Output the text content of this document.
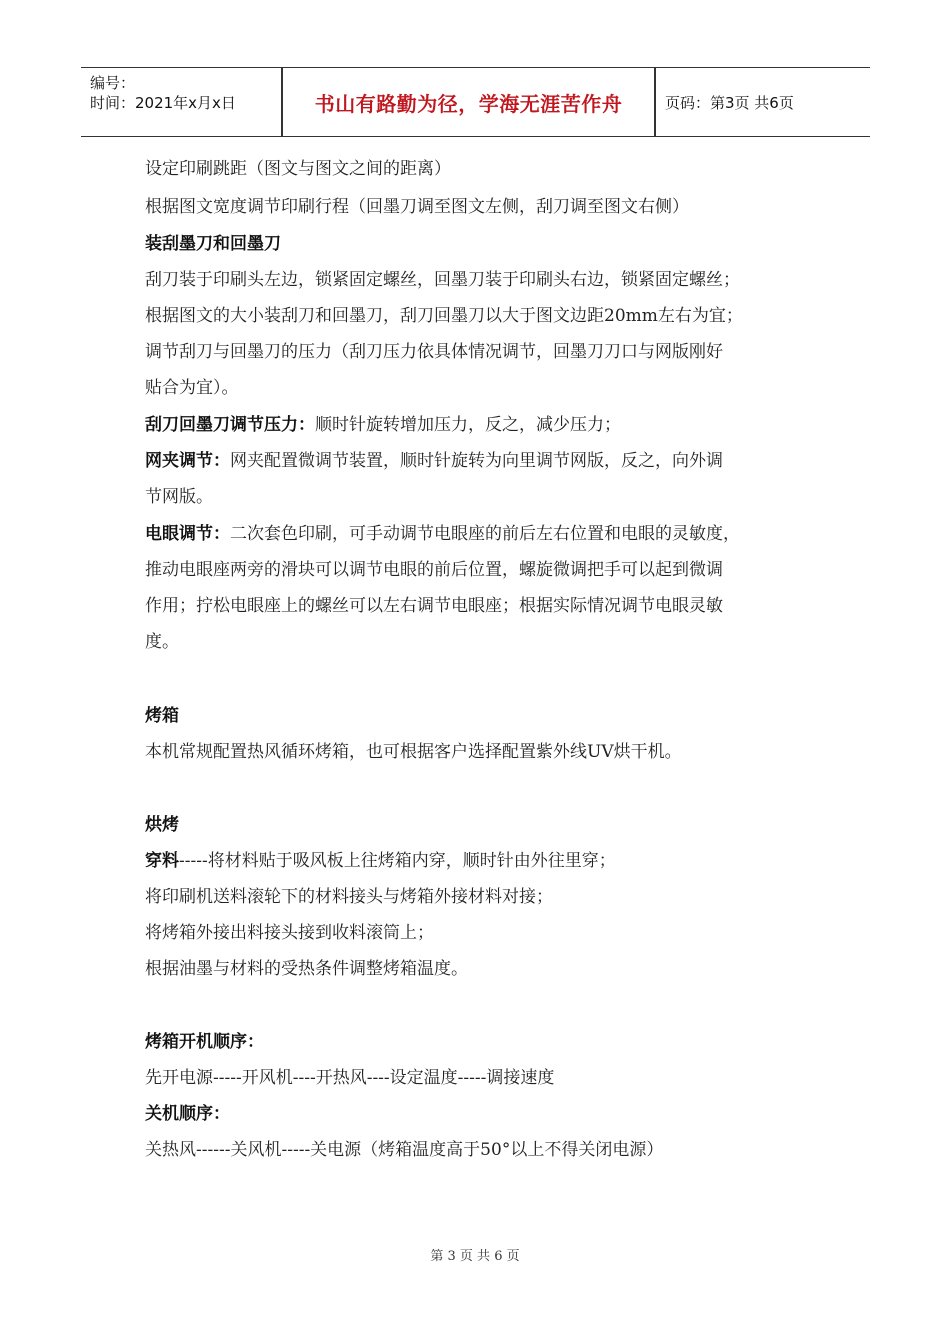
编号：
时间：2021年x月x日	书山有路勤为径，学海无涯苦作舟	页码：第3页 共6页
设定印刷跳距（图文与图文之间的距离）
根据图文宽度调节印刷行程（回墨刀调至图文左侧，刮刀调至图文右侧）
装刮墨刀和回墨刀
刮刀装于印刷头左边，锁紧固定螺丝，回墨刀装于印刷头右边，锁紧固定螺丝；
根据图文的大小装刮刀和回墨刀，刮刀回墨刀以大于图文边距20mm左右为宜；
调节刮刀与回墨刀的压力（刮刀压力依具体情况调节，回墨刀刀口与网版刚好
贴合为宜）。
刮刀回墨刀调节压力：顺时针旋转增加压力，反之，减少压力；
网夹调节：网夹配置微调节装置，顺时针旋转为向里调节网版，反之，向外调
节网版。
电眼调节：二次套色印刷，可手动调节电眼座的前后左右位置和电眼的灵敏度，
推动电眼座两旁的滑块可以调节电眼的前后位置，螺旋微调把手可以起到微调
作用；拧松电眼座上的螺丝可以左右调节电眼座；根据实际情况调节电眼灵敏
度。
烤箱
本机常规配置热风循环烤箱，也可根据客户选择配置紫外线UV烘干机。
烘烤
穿料-----将材料贴于吸风板上往烤箱内穿，顺时针由外往里穿；
将印刷机送料滚轮下的材料接头与烤箱外接材料对接；
将烤箱外接出料接头接到收料滚筒上；
根据油墨与材料的受热条件调整烤箱温度。
烤箱开机顺序：
先开电源-----开风机----开热风----设定温度-----调接速度
关机顺序：
关热风------关风机-----关电源（烤箱温度高于50°以上不得关闭电源）
第 3 页 共 6 页
